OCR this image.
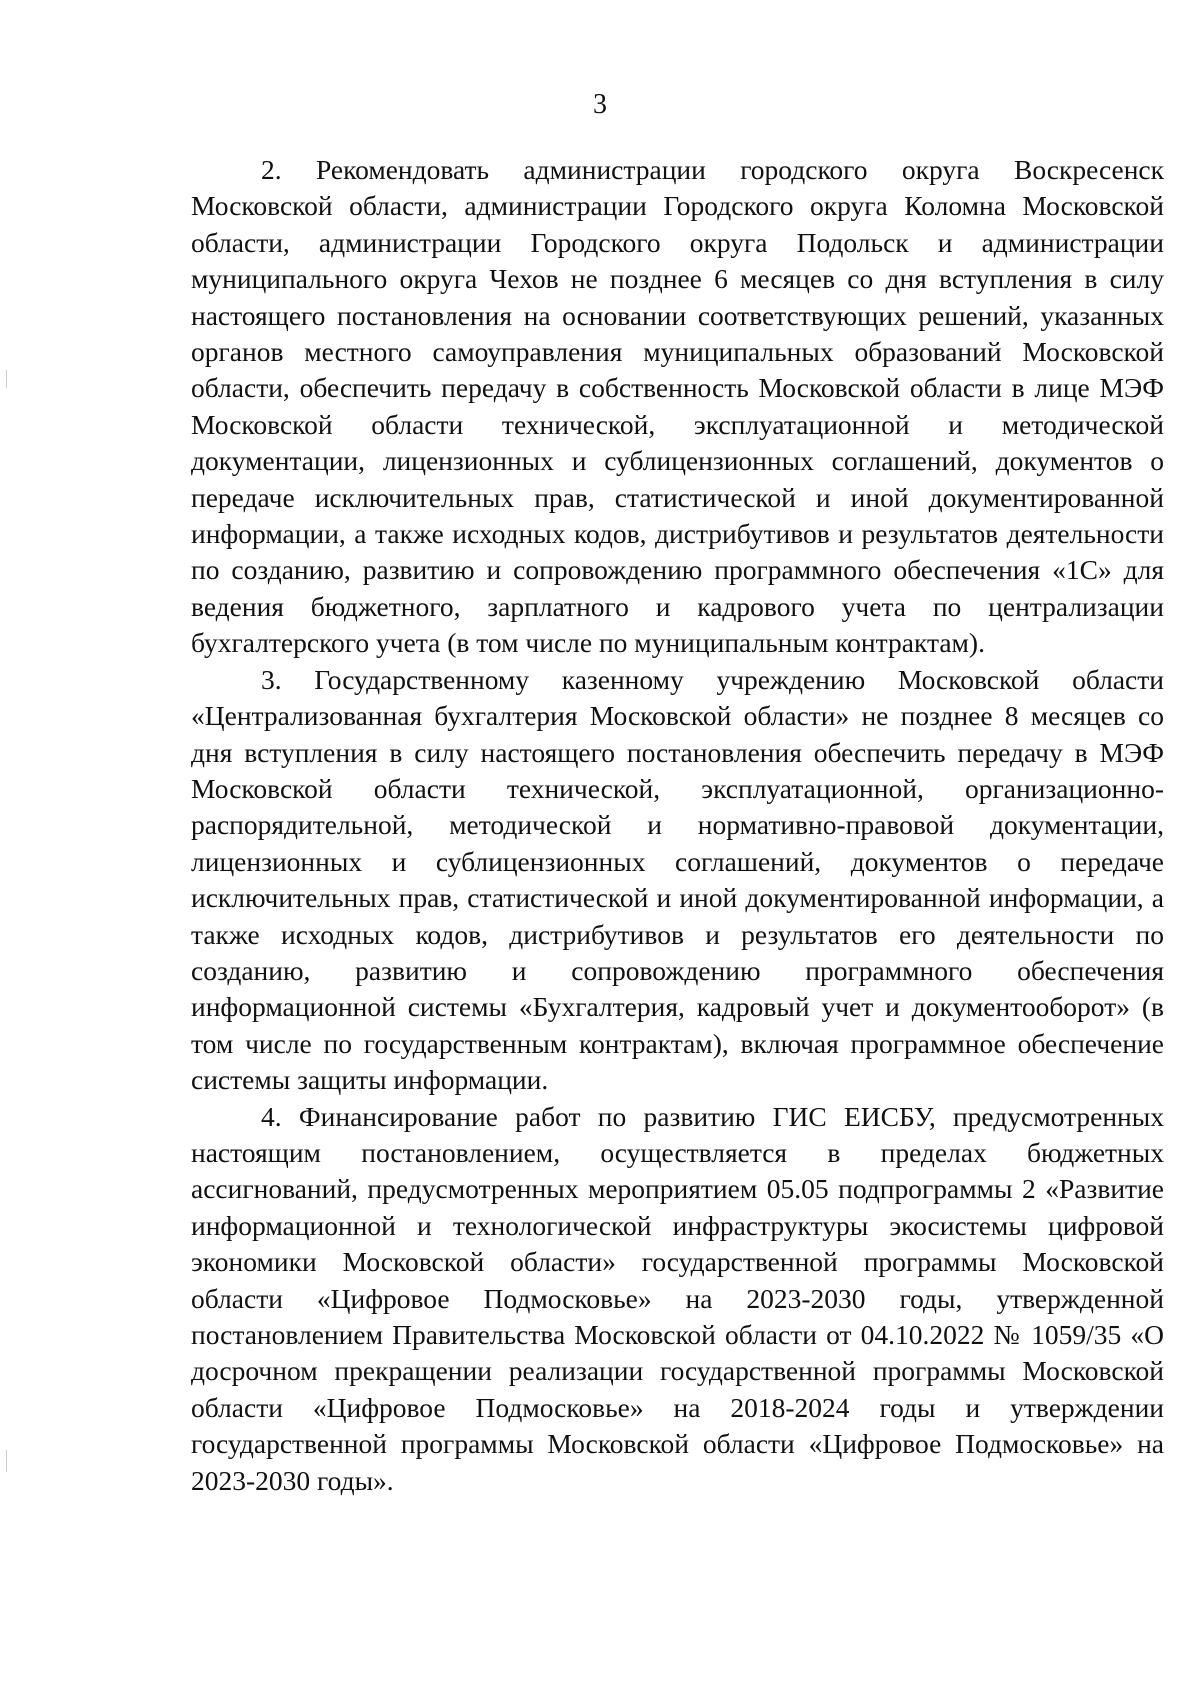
3

2. Рекомендовать администрации городского округа Воскресенск Московской области, администрации Городского округа Коломна Московской области, администрации Городского округа Подольск и администрации муниципального округа Чехов не позднее 6 месяцев со дня вступления в силу настоящего постановления на основании соответствующих решений, указанных органов местного самоуправления муниципальных образований Московской области, обеспечить передачу в собственность Московской области в лице МЭФ Московской области технической, эксплуатационной и методической документации, лицензионных и сублицензионных соглашений, документов о передаче исключительных прав, статистической и иной документированной информации, а также исходных кодов, дистрибутивов и результатов деятельности по созданию, развитию и сопровождению программного обеспечения «1С» для ведения бюджетного, зарплатного и кадрового учета по централизации бухгалтерского учета (в том числе по муниципальным контрактам).

3. Государственному казенному учреждению Московской области «Централизованная бухгалтерия Московской области» не позднее 8 месяцев со дня вступления в силу настоящего постановления обеспечить передачу в МЭФ Московской области технической, эксплуатационной, организационно-распорядительной, методической и нормативно-правовой документации, лицензионных и сублицензионных соглашений, документов о передаче исключительных прав, статистической и иной документированной информации, а также исходных кодов, дистрибутивов и результатов его деятельности по созданию, развитию и сопровождению программного обеспечения информационной системы «Бухгалтерия, кадровый учет и документооборот» (в том числе по государственным контрактам), включая программное обеспечение системы защиты информации.

4. Финансирование работ по развитию ГИС ЕИСБУ, предусмотренных настоящим постановлением, осуществляется в пределах бюджетных ассигнований, предусмотренных мероприятием 05.05 подпрограммы 2 «Развитие информационной и технологической инфраструктуры экосистемы цифровой экономики Московской области» государственной программы Московской области «Цифровое Подмосковье» на 2023-2030 годы, утвержденной постановлением Правительства Московской области от 04.10.2022 № 1059/35 «О досрочном прекращении реализации государственной программы Московской области «Цифровое Подмосковье» на 2018-2024 годы и утверждении государственной программы Московской области «Цифровое Подмосковье» на 2023-2030 годы».
